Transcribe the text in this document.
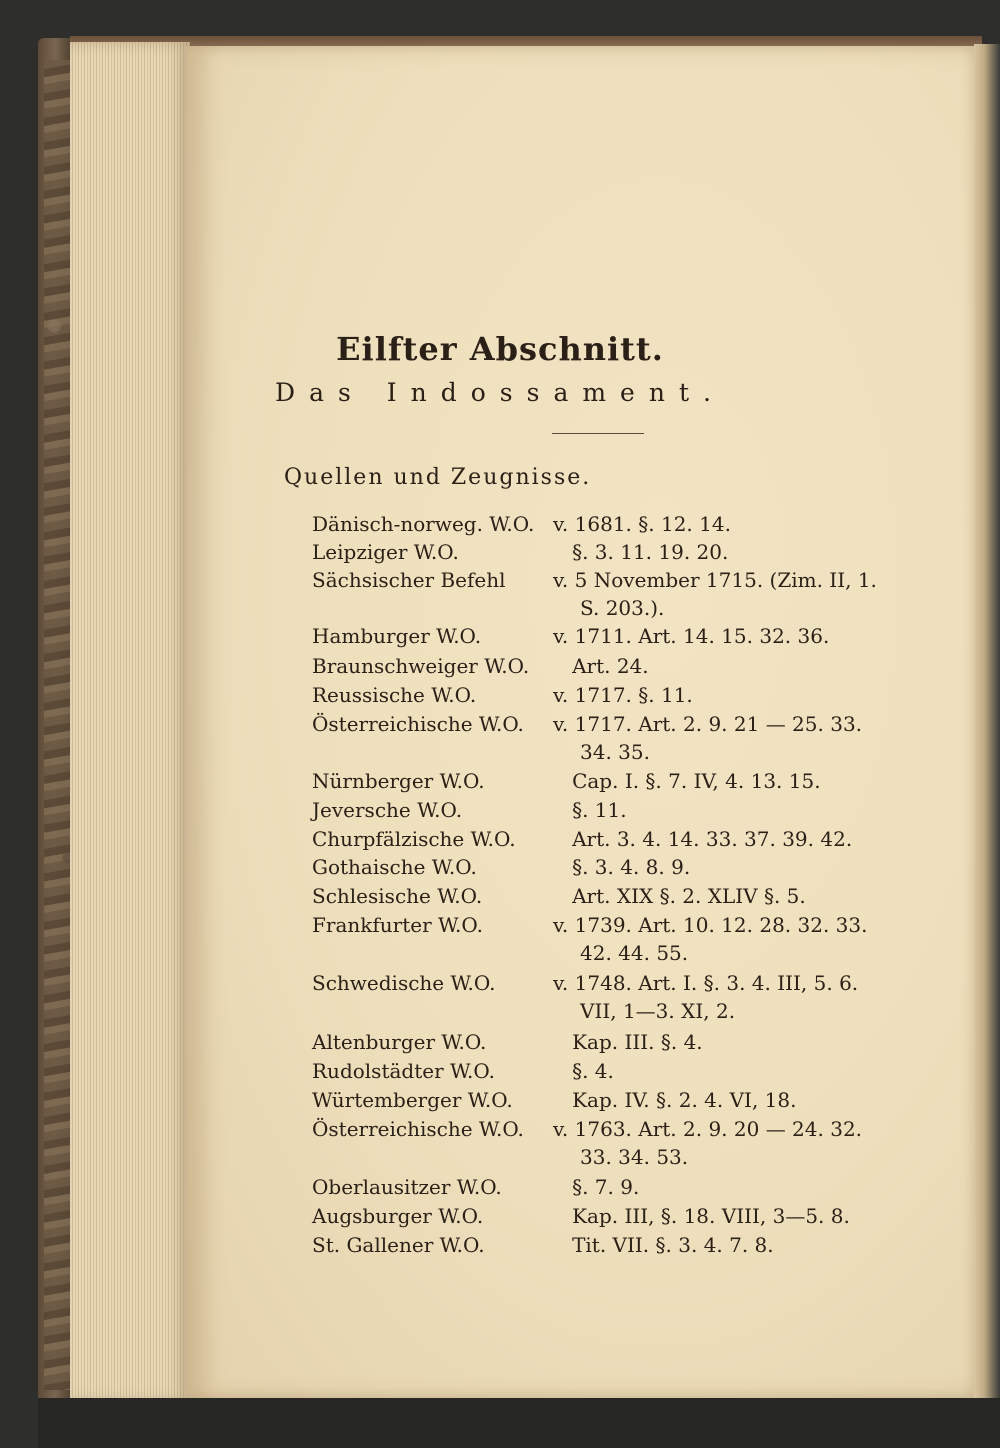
Eilfter Abschnitt.
Das Indossament.
Quellen und Zeugnisse.
Dänisch-norweg. W.O. v. 1681. §. 12. 14.
Leipziger W.O.	§. 3. 11. 19. 20.
Sächsischer Befehl v. 5 November 1715. (Zim. II, 1.
S. 203.).
Hamburger W.O.	v. 1711. Art. 14. 15. 32. 36.
Braunschweiger W.O. Art. 24.
Reussische W.O.	v. 1717. §. 11.
Österreichische W.O. v. 1717. Art. 2. 9. 21 — 25. 33.
34. 35.
Nürnberger W.O.	Cap. I. §. 7. IV, 4. 13. 15.
Jeversche W.O.	§. 11.
Churpfälzische W.O. Art. 3. 4. 14. 33. 37. 39. 42.
Gothaische W.O.	§. 3. 4. 8. 9.
Schlesische W.O.	Art. XIX §. 2. XLIV §. 5.
Frankfurter W.O.	v. 1739. Art. 10. 12. 28. 32. 33.
42. 44. 55.
Schwedische W.O.	v. 1748. Art. I. §. 3. 4. III, 5. 6.
VII, 1—3. XI, 2.
Altenburger W.O.	Kap. III. §. 4.
Rudolstädter W.O.	§. 4.
Würtemberger W.O. Kap. IV. §. 2. 4. VI, 18.
Österreichische W.O. v. 1763. Art. 2. 9. 20 — 24. 32.
33. 34. 53.
Oberlausitzer W.O.	§. 7. 9.
Augsburger W.O.	Kap. III, §. 18. VIII, 3—5. 8.
St. Gallener W.O.	Tit. VII. §. 3. 4. 7. 8.
